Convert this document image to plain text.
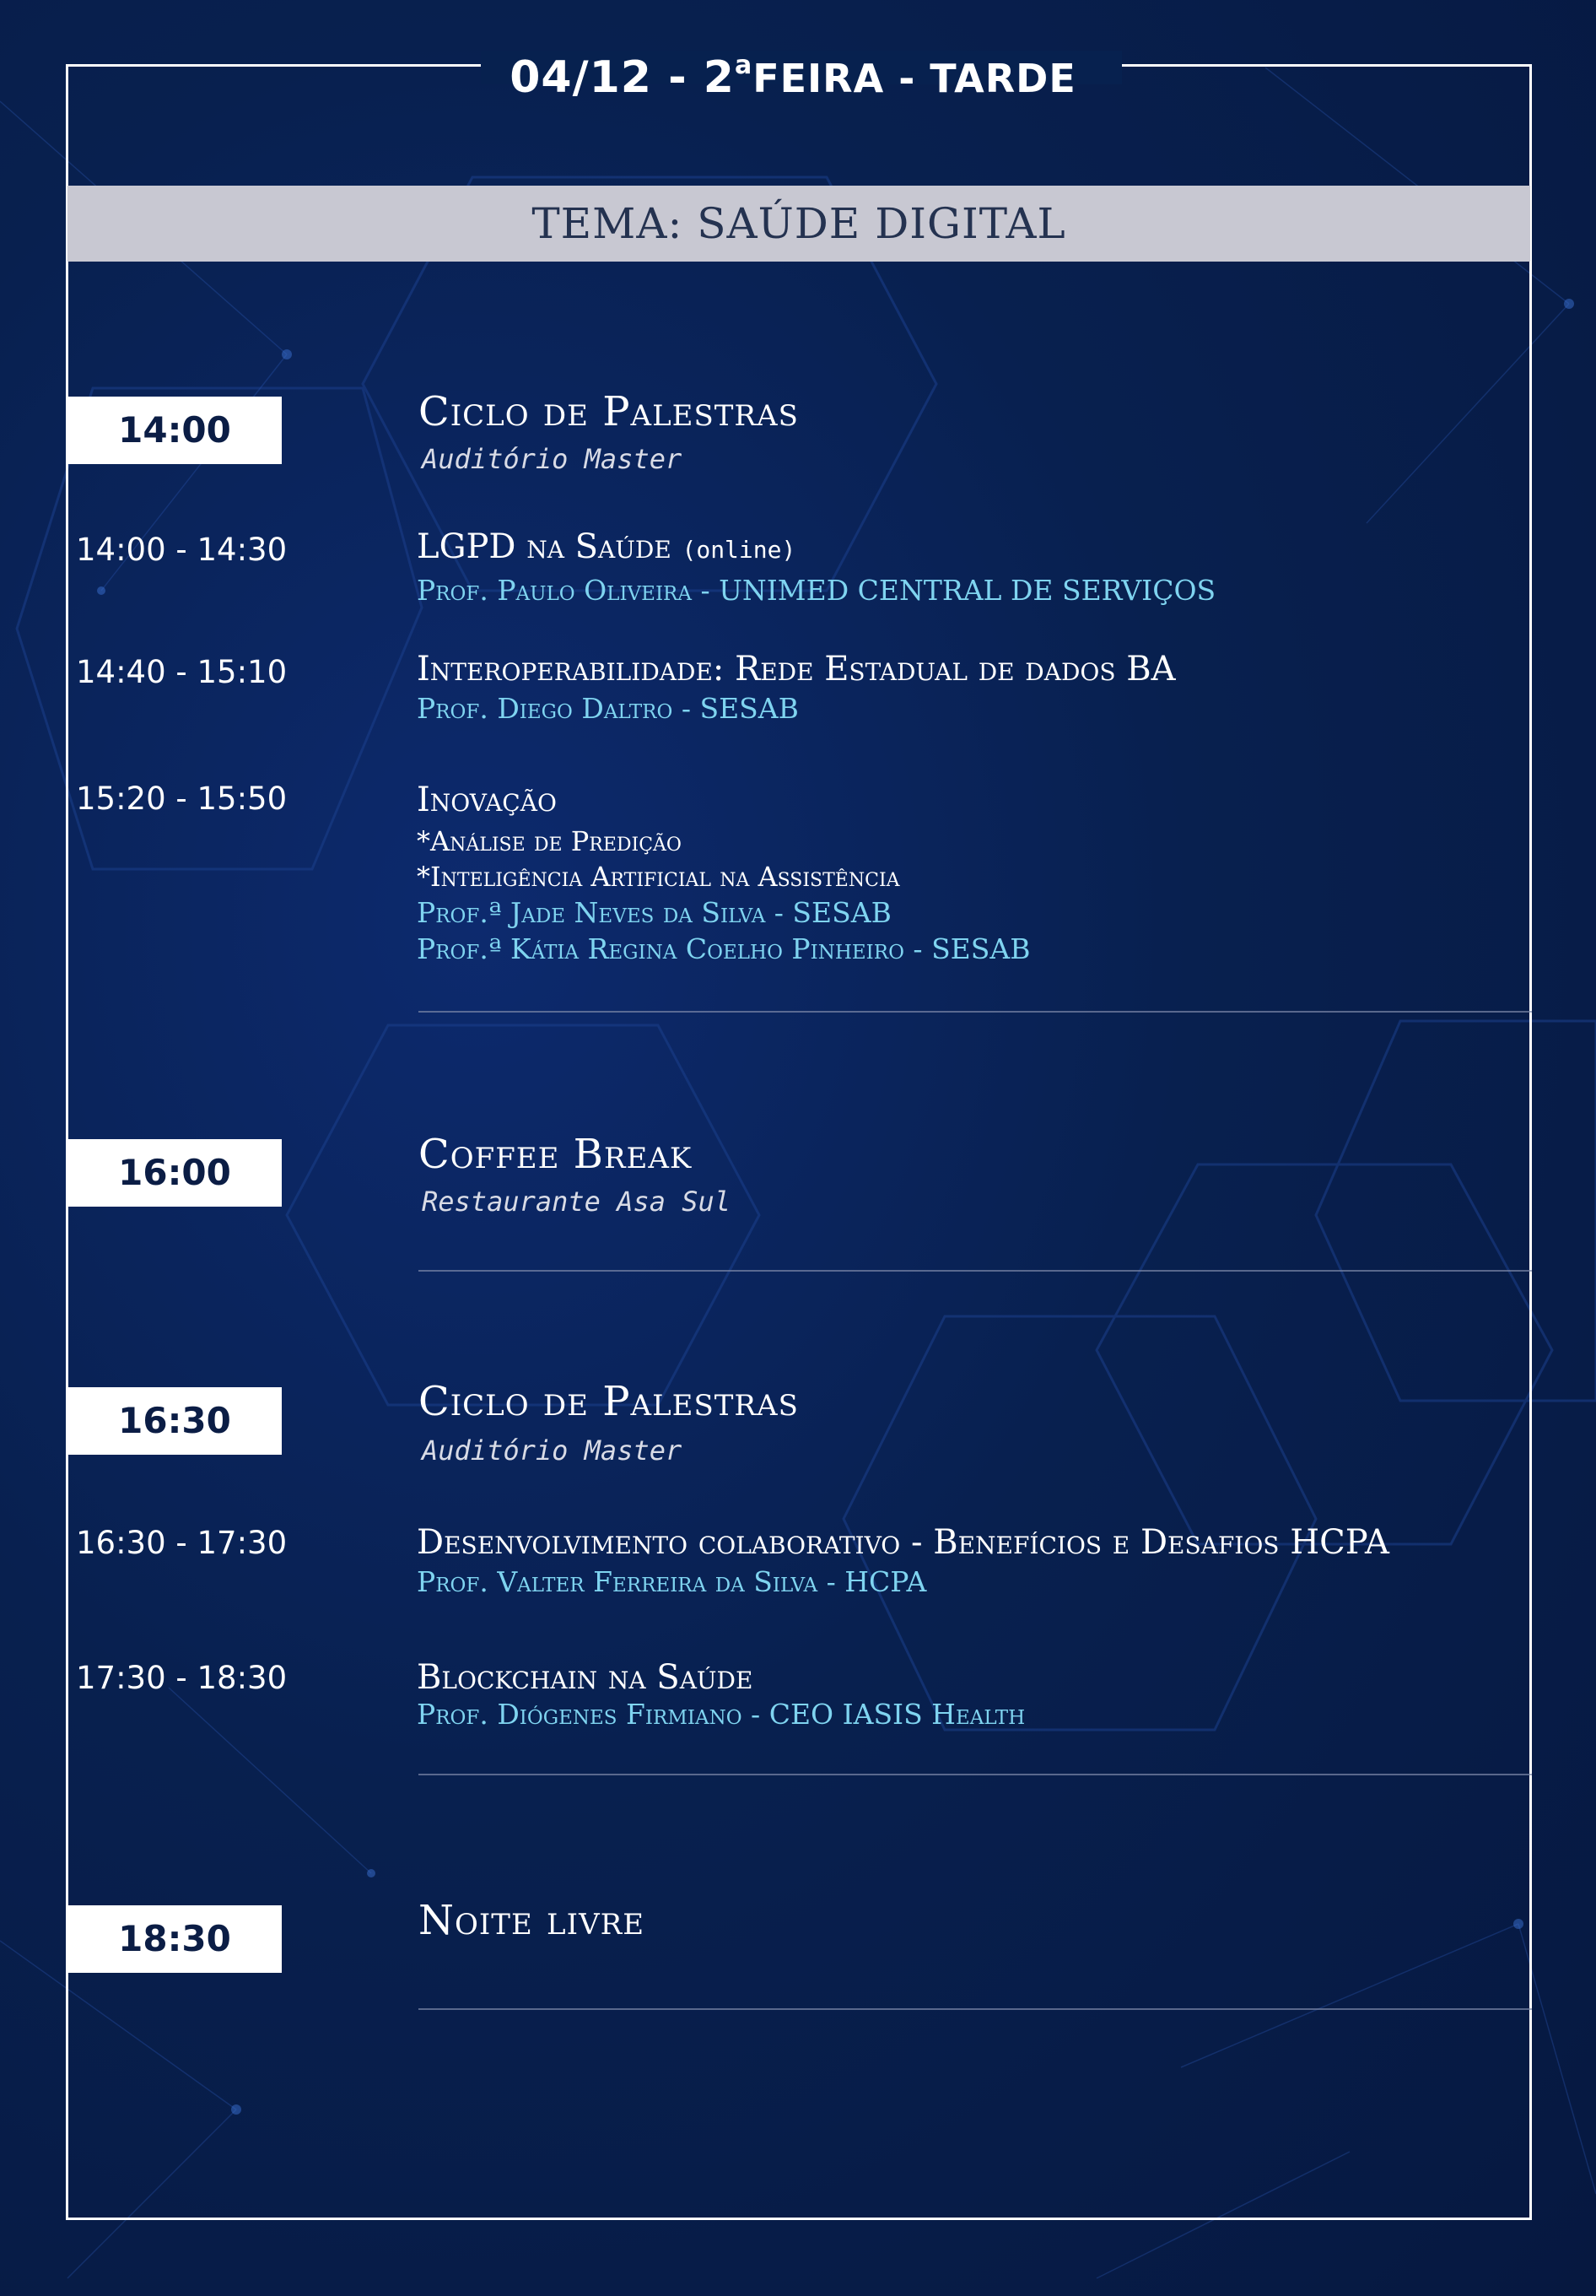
04/12 - 2$^a$FEIRA - TARDE
TEMA: SAÚDE DIGITAL
14:00	Ciclo de Palestras
Auditório Master
14:00 - 14:30	LGPD na Saúde (online)
Prof. Paulo Oliveira - UNIMED CENTRAL DE SERVIÇOS
14:40 - 15:10	Interoperabilidade: Rede Estadual de dados BA
Prof. Diego Daltro - SESAB
15:20 - 15:50	Inovação
*Análise de Predição
*Inteligência Artificial na Assistência
Prof.ª Jade Neves da Silva - SESAB
Prof.ª Kátia Regina Coelho Pinheiro - SESAB
16:00	Coffee Break
Restaurante Asa Sul
16:30	Ciclo de Palestras
Auditório Master
16:30 - 17:30	Desenvolvimento colaborativo - Benefícios e Desafios HCPA
Prof. Valter Ferreira da Silva - HCPA
17:30 - 18:30	Blockchain na Saúde
Prof. Diógenes Firmiano - CEO IASIS Health
18:30	Noite livre
